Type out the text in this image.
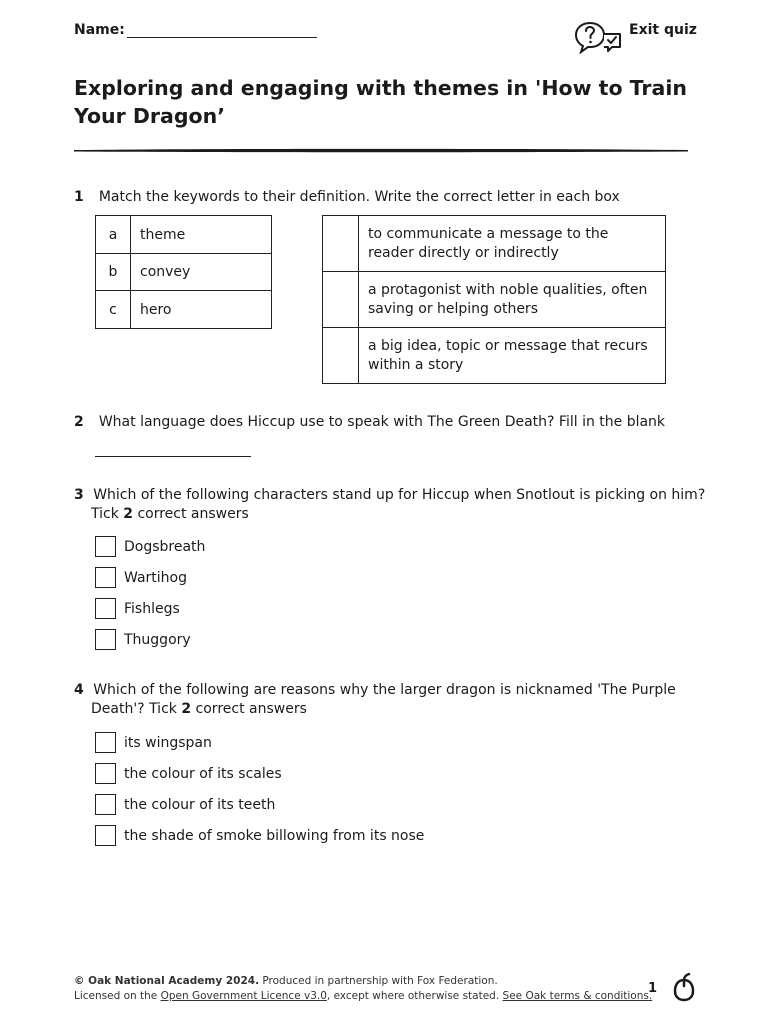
Name:	Exit quiz
Exploring and engaging with themes in 'How to Train Your Dragon’
1 Match the keywords to their definition. Write the correct letter in each box
a	theme
b	convey
c	hero
	to communicate a message to the reader directly or indirectly
	a protagonist with noble qualities, often saving or helping others
	a big idea, topic or message that recurs within a story
2 What language does Hiccup use to speak with The Green Death? Fill in the blank
3 Which of the following characters stand up for Hiccup when Snotlout is picking on him?
Tick 2 correct answers
Dogsbreath
Wartihog
Fishlegs
Thuggory
4 Which of the following are reasons why the larger dragon is nicknamed 'The Purple
Death'? Tick 2 correct answers
its wingspan
the colour of its scales
the colour of its teeth
the shade of smoke billowing from its nose
© Oak National Academy 2024. Produced in partnership with Fox Federation.
Licensed on the Open Government Licence v3.0, except where otherwise stated. See Oak terms & conditions.
1
